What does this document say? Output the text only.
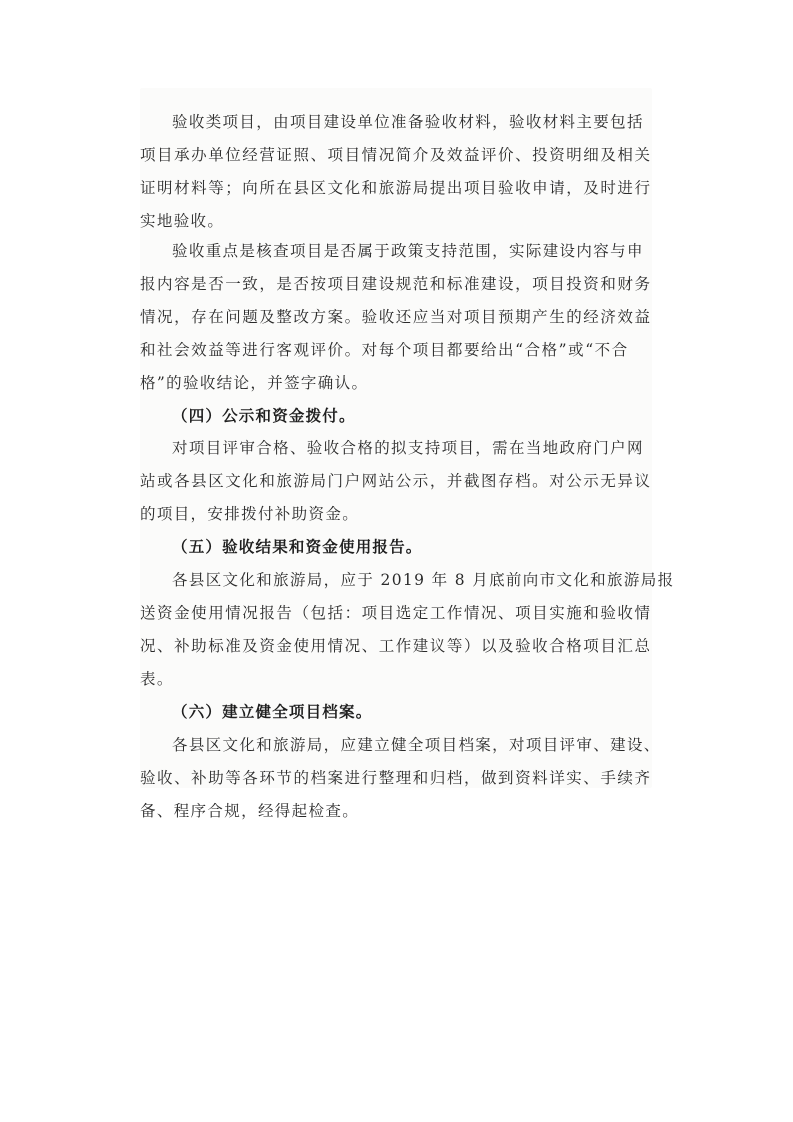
验收类项目，由项目建设单位准备验收材料，验收材料主要包括
项目承办单位经营证照、项目情况简介及效益评价、投资明细及相关
证明材料等；向所在县区文化和旅游局提出项目验收申请，及时进行
实地验收。
验收重点是核查项目是否属于政策支持范围，实际建设内容与申
报内容是否一致，是否按项目建设规范和标准建设，项目投资和财务
情况，存在问题及整改方案。验收还应当对项目预期产生的经济效益
和社会效益等进行客观评价。对每个项目都要给出“合格”或“不合
格”的验收结论，并签字确认。
（四）公示和资金拨付。
对项目评审合格、验收合格的拟支持项目，需在当地政府门户网
站或各县区文化和旅游局门户网站公示，并截图存档。对公示无异议
的项目，安排拨付补助资金。
（五）验收结果和资金使用报告。
各县区文化和旅游局，应于 2019 年 8 月底前向市文化和旅游局报
送资金使用情况报告（包括：项目选定工作情况、项目实施和验收情
况、补助标准及资金使用情况、工作建议等）以及验收合格项目汇总
表。
（六）建立健全项目档案。
各县区文化和旅游局，应建立健全项目档案，对项目评审、建设、
验收、补助等各环节的档案进行整理和归档，做到资料详实、手续齐
备、程序合规，经得起检查。
